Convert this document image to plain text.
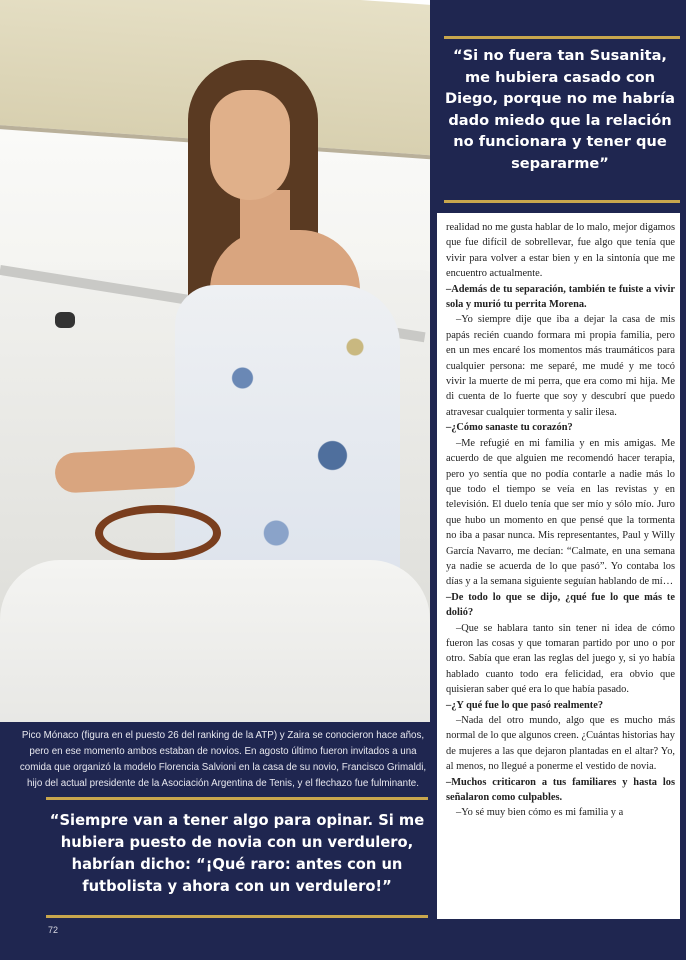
Pico Mónaco (figura en el puesto 26 del ranking de la ATP) y Zaira se conocieron hace años, pero en ese momento ambos estaban de novios. En agosto último fueron invitados a una comida que organizó la modelo Florencia Salvioni en la casa de su novio, Francisco Grimaldi, hijo del actual presidente de la Asociación Argentina de Tenis, y el flechazo fue fulminante.
“Si no fuera tan Susanita, me hubiera casado con Diego, porque no me habría dado miedo que la relación no funcionara y tener que separarme”
“Siempre van a tener algo para opinar. Si me hubiera puesto de novia con un verdulero, habrían dicho: “¡Qué raro: antes con un futbolista y ahora con un verdulero!”

realidad no me gusta hablar de lo malo, mejor digamos que fue difícil de sobrellevar, fue algo que tenía que vivir para volver a estar bien y en la sintonía que me encuentro actualmente.

–Además de tu separación, también te fuiste a vivir sola y murió tu perrita Morena.

–Yo siempre dije que iba a dejar la casa de mis papás recién cuando formara mi propia familia, pero en un mes encaré los momentos más traumáticos para cualquier persona: me separé, me mudé y me tocó vivir la muerte de mi perra, que era como mi hija. Me di cuenta de lo fuerte que soy y descubrí que puedo atravesar cualquier tormenta y salir ilesa.

–¿Cómo sanaste tu corazón?

–Me refugié en mi familia y en mis amigas. Me acuerdo de que alguien me recomendó hacer terapia, pero yo sentía que no podía contarle a nadie más lo que todo el tiempo se veía en las revistas y en televisión. El duelo tenía que ser mío y sólo mío. Juro que hubo un momento en que pensé que la tormenta no iba a pasar nunca. Mis representantes, Paul y Willy García Navarro, me decían: “Calmate, en una semana ya nadie se acuerda de lo que pasó”. Yo contaba los días y a la semana siguiente seguían hablando de mí…

–De todo lo que se dijo, ¿qué fue lo que más te dolió?

–Que se hablara tanto sin tener ni idea de cómo fueron las cosas y que tomaran partido por uno o por otro. Sabía que eran las reglas del juego y, si yo había hablado cuanto todo era felicidad, era obvio que quisieran saber qué era lo que había pasado.

–¿Y qué fue lo que pasó realmente?

–Nada del otro mundo, algo que es mucho más normal de lo que algunos creen. ¿Cuántas historias hay de mujeres a las que dejaron plantadas en el altar? Yo, al menos, no llegué a ponerme el vestido de novia.

–Muchos criticaron a tus familiares y hasta los señalaron como culpables.

–Yo sé muy bien cómo es mi familia y a

72
